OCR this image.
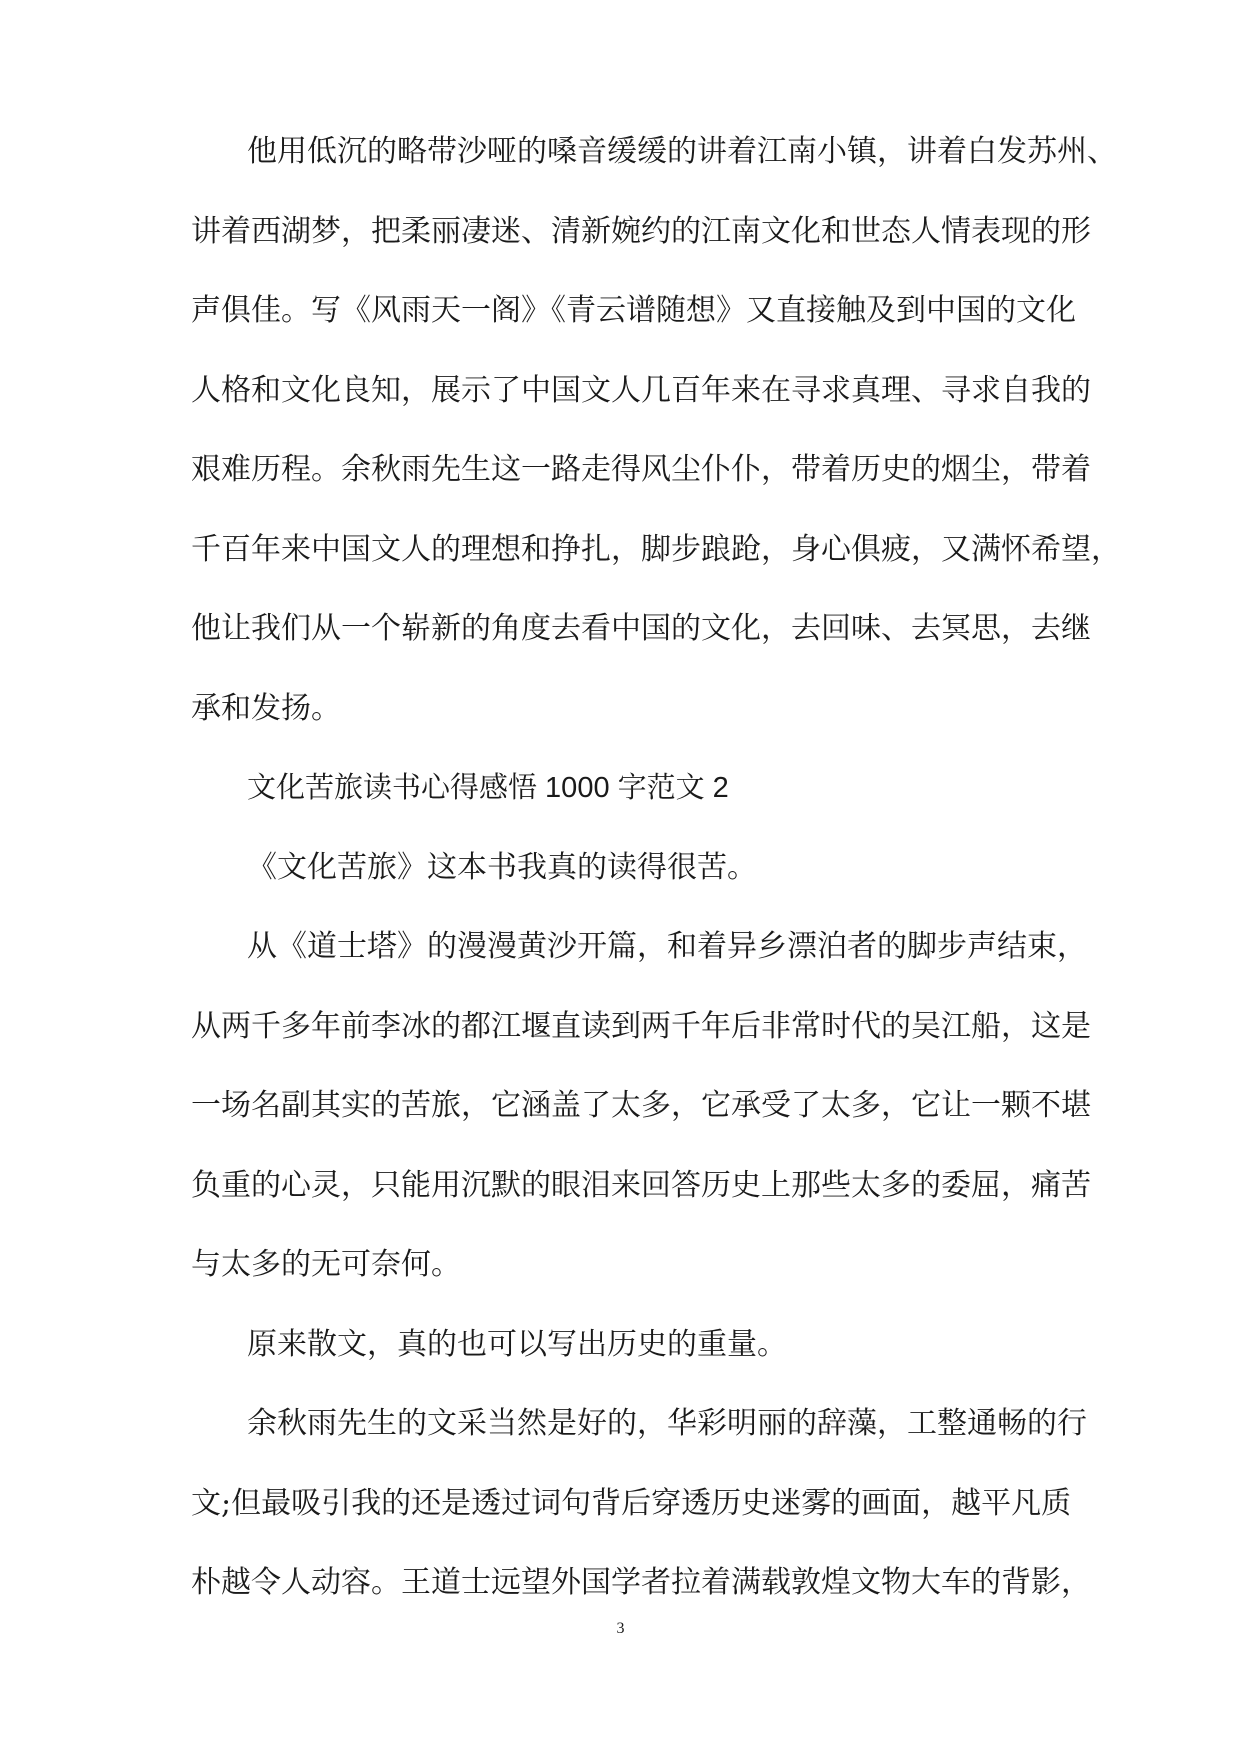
他用低沉的略带沙哑的嗓音缓缓的讲着江南小镇，讲着白发苏州、

讲着西湖梦，把柔丽凄迷、清新婉约的江南文化和世态人情表现的形

声俱佳。写《风雨天一阁》《青云谱随想》又直接触及到中国的文化

人格和文化良知，展示了中国文人几百年来在寻求真理、寻求自我的

艰难历程。余秋雨先生这一路走得风尘仆仆，带着历史的烟尘，带着

千百年来中国文人的理想和挣扎，脚步踉跄，身心俱疲，又满怀希望，

他让我们从一个崭新的角度去看中国的文化，去回味、去冥思，去继

承和发扬。

文化苦旅读书心得感悟 1000 字范文 2

《文化苦旅》这本书我真的读得很苦。

从《道士塔》的漫漫黄沙开篇，和着异乡漂泊者的脚步声结束，

从两千多年前李冰的都江堰直读到两千年后非常时代的吴江船，这是

一场名副其实的苦旅，它涵盖了太多，它承受了太多，它让一颗不堪

负重的心灵，只能用沉默的眼泪来回答历史上那些太多的委屈，痛苦

与太多的无可奈何。

原来散文，真的也可以写出历史的重量。

余秋雨先生的文采当然是好的，华彩明丽的辞藻，工整通畅的行

文;但最吸引我的还是透过词句背后穿透历史迷雾的画面，越平凡质

朴越令人动容。王道士远望外国学者拉着满载敦煌文物大车的背影，

3
